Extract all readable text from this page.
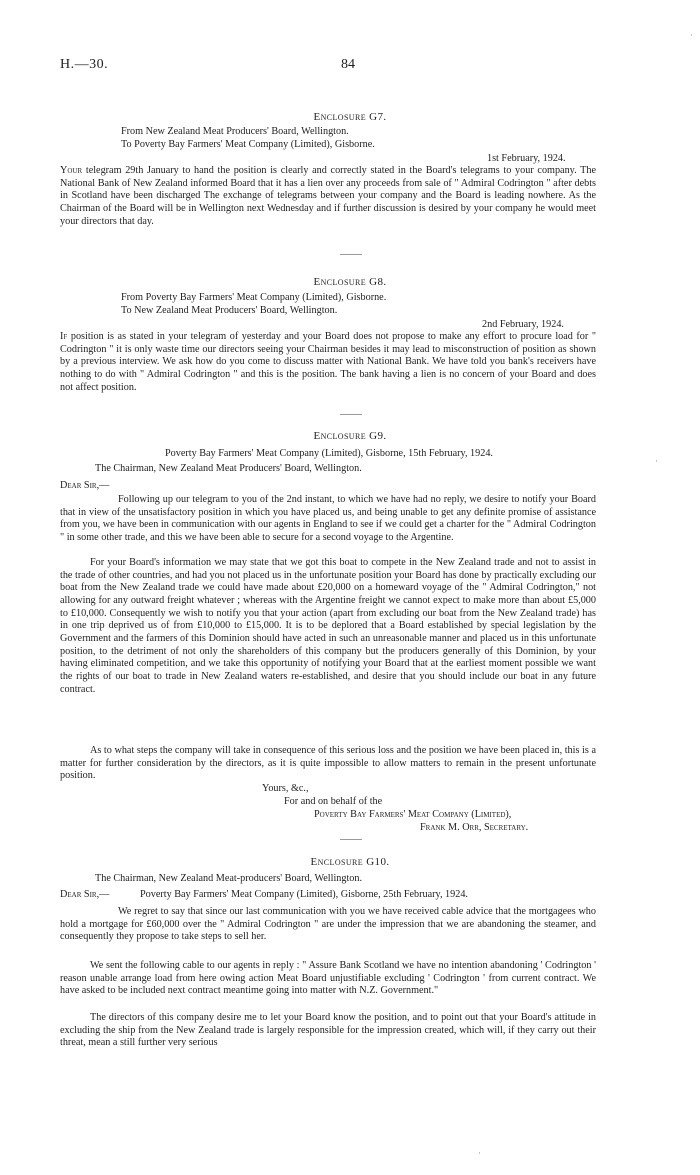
H.—30.	84
Enclosure G7.
From New Zealand Meat Producers' Board, Wellington.
To Poverty Bay Farmers' Meat Company (Limited), Gisborne.
1st February, 1924.
Your telegram 29th January to hand the position is clearly and correctly stated in the Board's telegrams to your company. The National Bank of New Zealand informed Board that it has a lien over any proceeds from sale of " Admiral Codrington " after debts in Scotland have been discharged The exchange of telegrams between your company and the Board is leading nowhere. As the Chairman of the Board will be in Wellington next Wednesday and if further discussion is desired by your company he would meet your directors that day.
Enclosure G8.
From Poverty Bay Farmers' Meat Company (Limited), Gisborne.
To New Zealand Meat Producers' Board, Wellington.
2nd February, 1924.
If position is as stated in your telegram of yesterday and your Board does not propose to make any effort to procure load for " Codrington " it is only waste time our directors seeing your Chairman besides it may lead to misconstruction of position as shown by a previous interview. We ask how do you come to discuss matter with National Bank. We have told you bank's receivers have nothing to do with " Admiral Codrington " and this is the position. The bank having a lien is no concern of your Board and does not affect position.
Enclosure G9.
Poverty Bay Farmers' Meat Company (Limited), Gisborne, 15th February, 1924.
The Chairman, New Zealand Meat Producers' Board, Wellington.
Dear Sir,—
Following up our telegram to you of the 2nd instant, to which we have had no reply, we desire to notify your Board that in view of the unsatisfactory position in which you have placed us, and being unable to get any definite promise of assistance from you, we have been in communication with our agents in England to see if we could get a charter for the " Admiral Codrington " in some other trade, and this we have been able to secure for a second voyage to the Argentine.
For your Board's information we may state that we got this boat to compete in the New Zealand trade and not to assist in the trade of other countries, and had you not placed us in the unfortunate position your Board has done by practically excluding our boat from the New Zealand trade we could have made about £20,000 on a homeward voyage of the " Admiral Codrington," not allowing for any outward freight whatever ; whereas with the Argentine freight we cannot expect to make more than about £5,000 to £10,000. Consequently we wish to notify you that your action (apart from excluding our boat from the New Zealand trade) has in one trip deprived us of from £10,000 to £15,000. It is to be deplored that a Board established by special legislation by the Government and the farmers of this Dominion should have acted in such an unreasonable manner and placed us in this unfortunate position, to the detriment of not only the shareholders of this company but the producers generally of this Dominion, by your having eliminated competition, and we take this opportunity of notifying your Board that at the earliest moment possible we want the rights of our boat to trade in New Zealand waters re-established, and desire that you should include our boat in any future contract.
As to what steps the company will take in consequence of this serious loss and the position we have been placed in, this is a matter for further consideration by the directors, as it is quite impossible to allow matters to remain in the present unfortunate position.
Yours, &c.,
For and on behalf of the
Poverty Bay Farmers' Meat Company (Limited),
Frank M. Orr, Secretary.
Enclosure G10.
The Chairman, New Zealand Meat-producers' Board, Wellington.
Dear Sir,—	Poverty Bay Farmers' Meat Company (Limited), Gisborne, 25th February, 1924.
We regret to say that since our last communication with you we have received cable advice that the mortgagees who hold a mortgage for £60,000 over the " Admiral Codrington " are under the impression that we are abandoning the steamer, and consequently they propose to take steps to sell her.
We sent the following cable to our agents in reply : " Assure Bank Scotland we have no intention abandoning ' Codrington ' reason unable arrange load from here owing action Meat Board unjustifiable excluding ' Codrington ' from current contract. We have asked to be included next contract meantime going into matter with N.Z. Government."
The directors of this company desire me to let your Board know the position, and to point out that your Board's attitude in excluding the ship from the New Zealand trade is largely responsible for the impression created, which will, if they carry out their threat, mean a still further very serious
·
·
·
